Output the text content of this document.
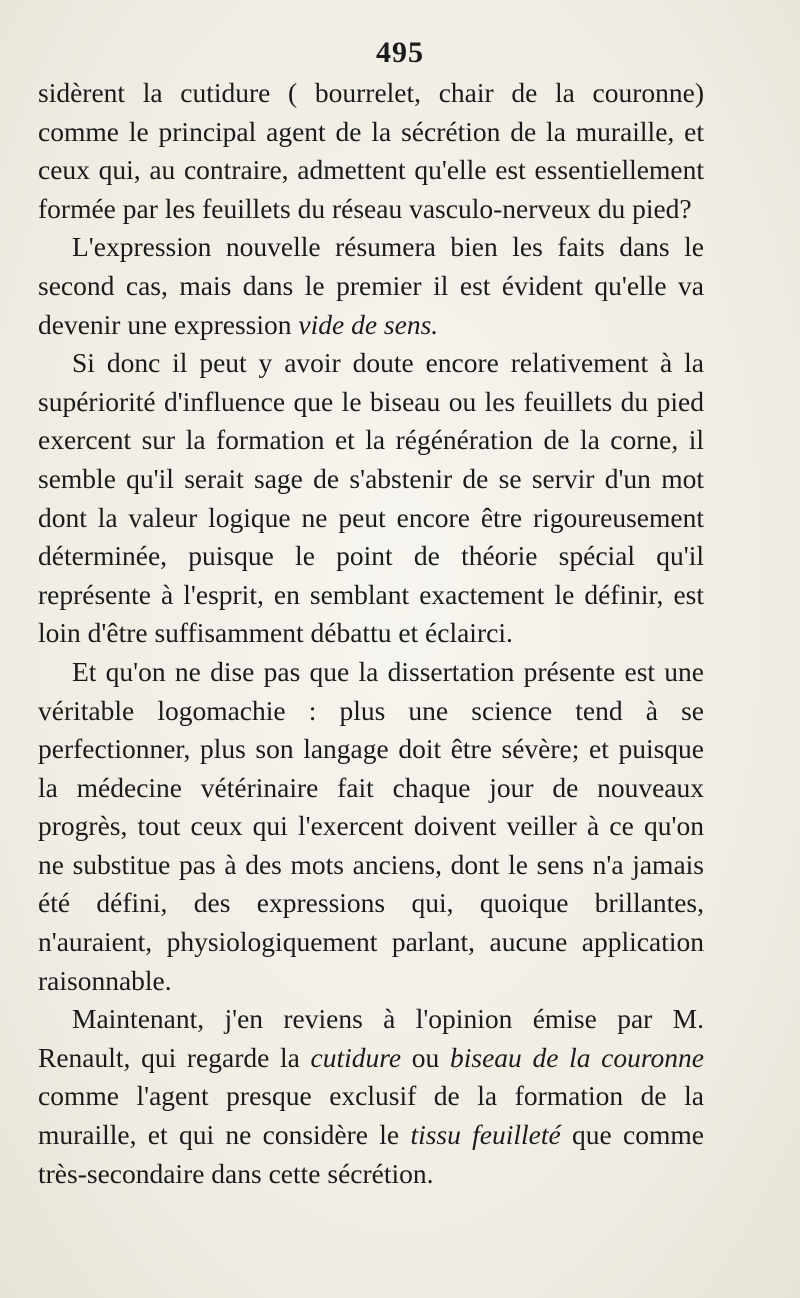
495

sidèrent la cutidure ( bourrelet, chair de la couronne) comme le principal agent de la sécrétion de la muraille, et ceux qui, au contraire, admettent qu'elle est essentiellement formée par les feuillets du réseau vasculo-nerveux du pied?

L'expression nouvelle résumera bien les faits dans le second cas, mais dans le premier il est évident qu'elle va devenir une expression vide de sens.

Si donc il peut y avoir doute encore relativement à la supériorité d'influence que le biseau ou les feuillets du pied exercent sur la formation et la régénération de la corne, il semble qu'il serait sage de s'abstenir de se servir d'un mot dont la valeur logique ne peut encore être rigoureusement déterminée, puisque le point de théorie spécial qu'il représente à l'esprit, en semblant exactement le définir, est loin d'être suffisamment débattu et éclairci.

Et qu'on ne dise pas que la dissertation présente est une véritable logomachie : plus une science tend à se perfectionner, plus son langage doit être sévère; et puisque la médecine vétérinaire fait chaque jour de nouveaux progrès, tout ceux qui l'exercent doivent veiller à ce qu'on ne substitue pas à des mots anciens, dont le sens n'a jamais été défini, des expressions qui, quoique brillantes, n'auraient, physiologiquement parlant, aucune application raisonnable.

Maintenant, j'en reviens à l'opinion émise par M. Renault, qui regarde la cutidure ou biseau de la couronne comme l'agent presque exclusif de la formation de la muraille, et qui ne considère le tissu feuilleté que comme très-secondaire dans cette sécrétion.
